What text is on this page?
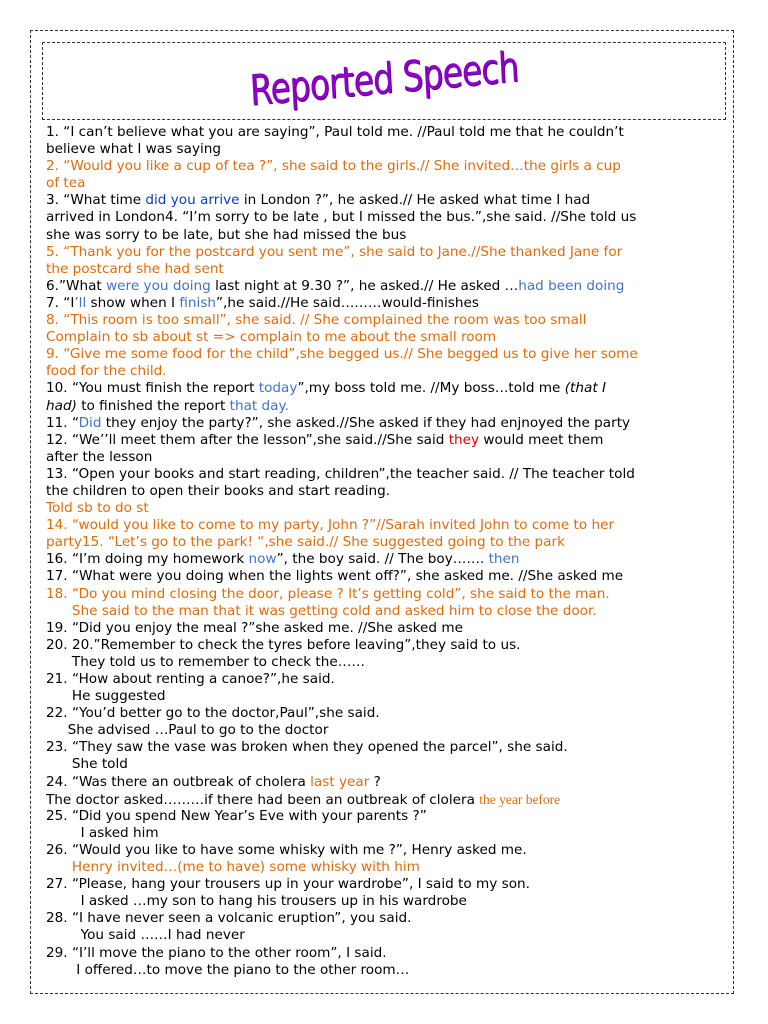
Reported Speech
1. “I can’t believe what you are saying”, Paul told me. //Paul told me that he couldn’t
believe what I was saying
2. “Would you like a cup of tea ?”, she said to the girls.// She invited…the girls a cup
of tea
3. “What time did you arrive in London ?”, he asked.// He asked what time I had
arrived in London4. “I’m sorry to be late , but I missed the bus.”,she said. //She told us
she was sorry to be late, but she had missed the bus
5. “Thank you for the postcard you sent me”, she said to Jane.//She thanked Jane for
the postcard she had sent
6.”What were you doing last night at 9.30 ?”, he asked.// He asked …had been doing
7. “I’ll show when I finish”,he said.//He said………would-finishes
8. “This room is too small”, she said. // She complained the room was too small
Complain to sb about st => complain to me about the small room
9. “Give me some food for the child”,she begged us.// She begged us to give her some
food for the child.
10. “You must finish the report today”,my boss told me. //My boss…told me (that I
had) to finished the report that day.
11. “Did they enjoy the party?”, she asked.//She asked if they had enjnoyed the party
12. “We’’ll meet them after the lesson”,she said.//She said they would meet them
after the lesson
13. “Open your books and start reading, children”,the teacher said. // The teacher told
the children to open their books and start reading.
Told sb to do st
14. “would you like to come to my party, John ?”//Sarah invited John to come to her
party15. “Let’s go to the park! “,she said.// She suggested going to the park
16. “I’m doing my homework now”, the boy said. // The boy……. then
17. “What were you doing when the lights went off?”, she asked me. //She asked me
18. “Do you mind closing the door, please ? It’s getting cold”, she said to the man.
She said to the man that it was getting cold and asked him to close the door.
19. “Did you enjoy the meal ?”she asked me. //She asked me
20. 20.”Remember to check the tyres before leaving”,they said to us.
They told us to remember to check the……
21. “How about renting a canoe?”,he said.
He suggested
22. “You’d better go to the doctor,Paul”,she said.
She advised …Paul to go to the doctor
23. “They saw the vase was broken when they opened the parcel”, she said.
She told
24. “Was there an outbreak of cholera last year ?
The doctor asked………if there had been an outbreak of clolera the year before
25. “Did you spend New Year’s Eve with your parents ?”
I asked him
26. “Would you like to have some whisky with me ?”, Henry asked me.
Henry invited…(me to have) some whisky with him
27. “Please, hang your trousers up in your wardrobe”, I said to my son.
I asked …my son to hang his trousers up in his wardrobe
28. “I have never seen a volcanic eruption”, you said.
You said ……I had never
29. “I’ll move the piano to the other room”, I said.
I offered…to move the piano to the other room…
